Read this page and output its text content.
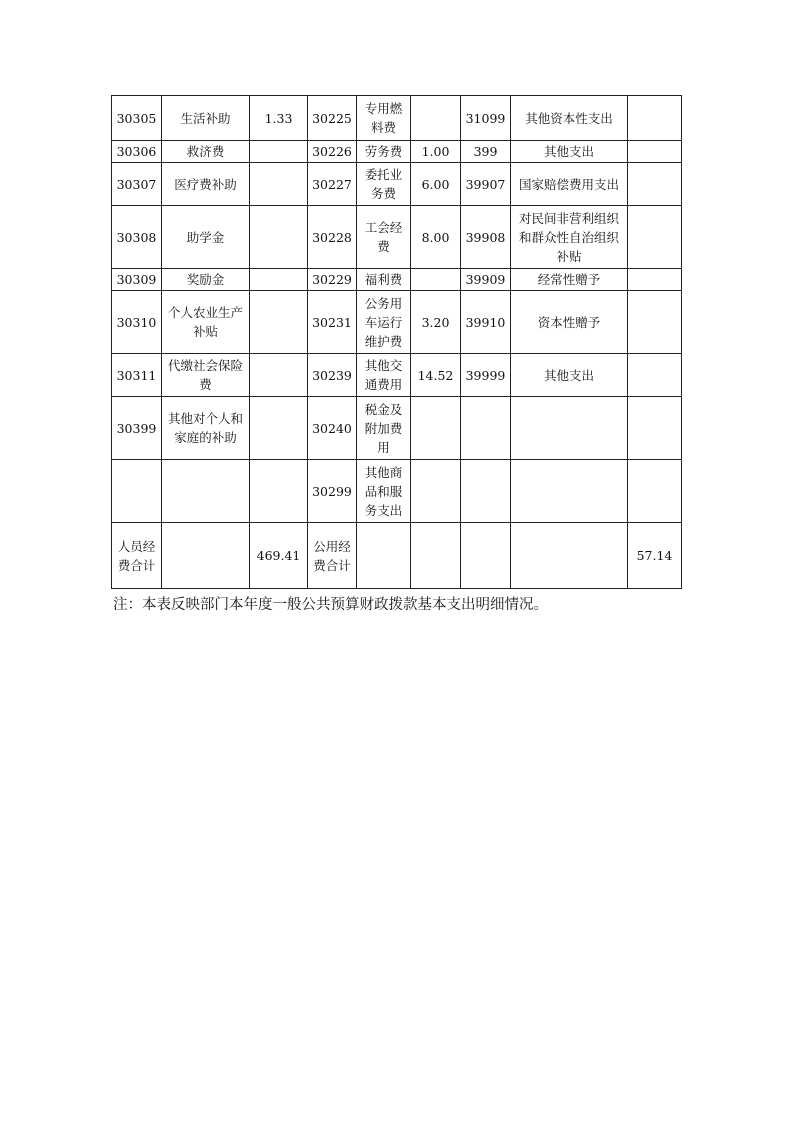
30305	生活补助	1.33	30225	专用燃料费		31099	其他资本性支出	
30306	救济费		30226	劳务费	1.00	399	其他支出	
30307	医疗费补助		30227	委托业务费	6.00	39907	国家赔偿费用支出	
30308	助学金		30228	工会经费	8.00	39908	对民间非营利组织和群众性自治组织补贴	
30309	奖励金		30229	福利费		39909	经常性赠予	
30310	个人农业生产补贴		30231	公务用车运行维护费	3.20	39910	资本性赠予	
30311	代缴社会保险费		30239	其他交通费用	14.52	39999	其他支出	
30399	其他对个人和家庭的补助		30240	税金及附加费用				
			30299	其他商品和服务支出				
人员经费合计		469.41	公用经费合计					57.14
注：本表反映部门本年度一般公共预算财政拨款基本支出明细情况。
